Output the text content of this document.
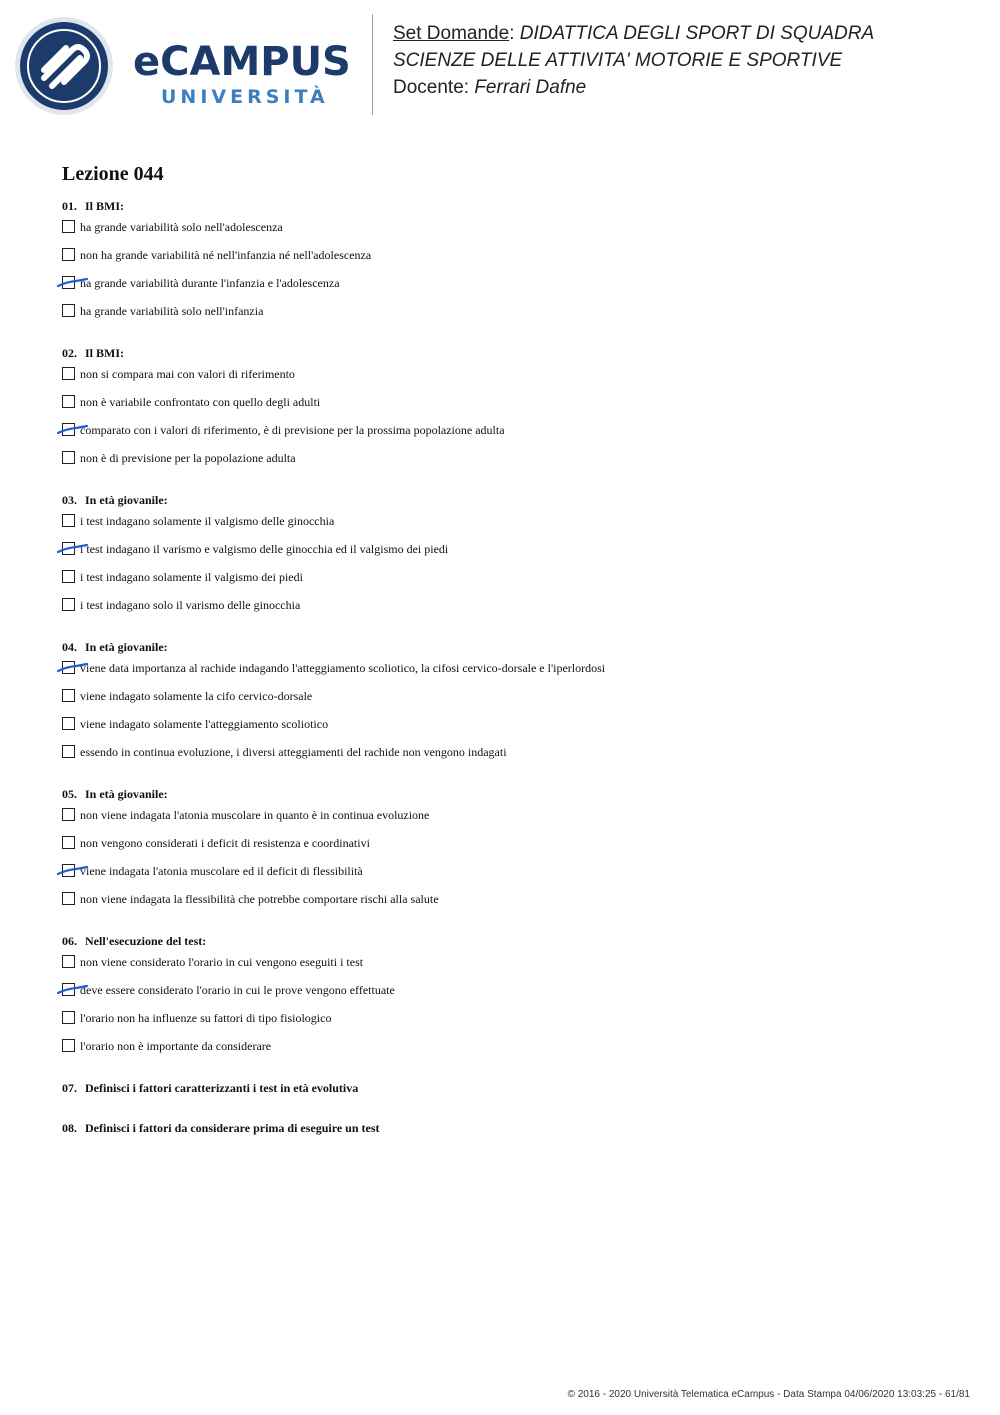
eCAMPUS
UNIVERSITÀ
Set Domande: DIDATTICA DEGLI SPORT DI SQUADRA
SCIENZE DELLE ATTIVITA' MOTORIE E SPORTIVE
Docente: Ferrari Dafne
Lezione 044
01. Il BMI:
ha grande variabilità solo nell'adolescenza
non ha grande variabilità né nell'infanzia né nell'adolescenza
ha grande variabilità durante l'infanzia e l'adolescenza
ha grande variabilità solo nell'infanzia
02. Il BMI:
non si compara mai con valori di riferimento
non è variabile confrontato con quello degli adulti
comparato con i valori di riferimento, è di previsione per la prossima popolazione adulta
non è di previsione per la popolazione adulta
03. In età giovanile:
i test indagano solamente il valgismo delle ginocchia
i test indagano il varismo e valgismo delle ginocchia ed il valgismo dei piedi
i test indagano solamente il valgismo dei piedi
i test indagano solo il varismo delle ginocchia
04. In età giovanile:
viene data importanza al rachide indagando l'atteggiamento scoliotico, la cifosi cervico-dorsale e l'iperlordosi
viene indagato solamente la cifo cervico-dorsale
viene indagato solamente l'atteggiamento scoliotico
essendo in continua evoluzione, i diversi atteggiamenti del rachide non vengono indagati
05. In età giovanile:
non viene indagata l'atonia muscolare in quanto è in continua evoluzione
non vengono considerati i deficit di resistenza e coordinativi
viene indagata l'atonia muscolare ed il deficit di flessibilità
non viene indagata la flessibilità che potrebbe comportare rischi alla salute
06. Nell'esecuzione del test:
non viene considerato l'orario in cui vengono eseguiti i test
deve essere considerato l'orario in cui le prove vengono effettuate
l'orario non ha influenze su fattori di tipo fisiologico
l'orario non è importante da considerare
07. Definisci i fattori caratterizzanti i test in età evolutiva
08. Definisci i fattori da considerare prima di eseguire un test
© 2016 - 2020 Università Telematica eCampus - Data Stampa 04/06/2020 13:03:25 - 61/81
